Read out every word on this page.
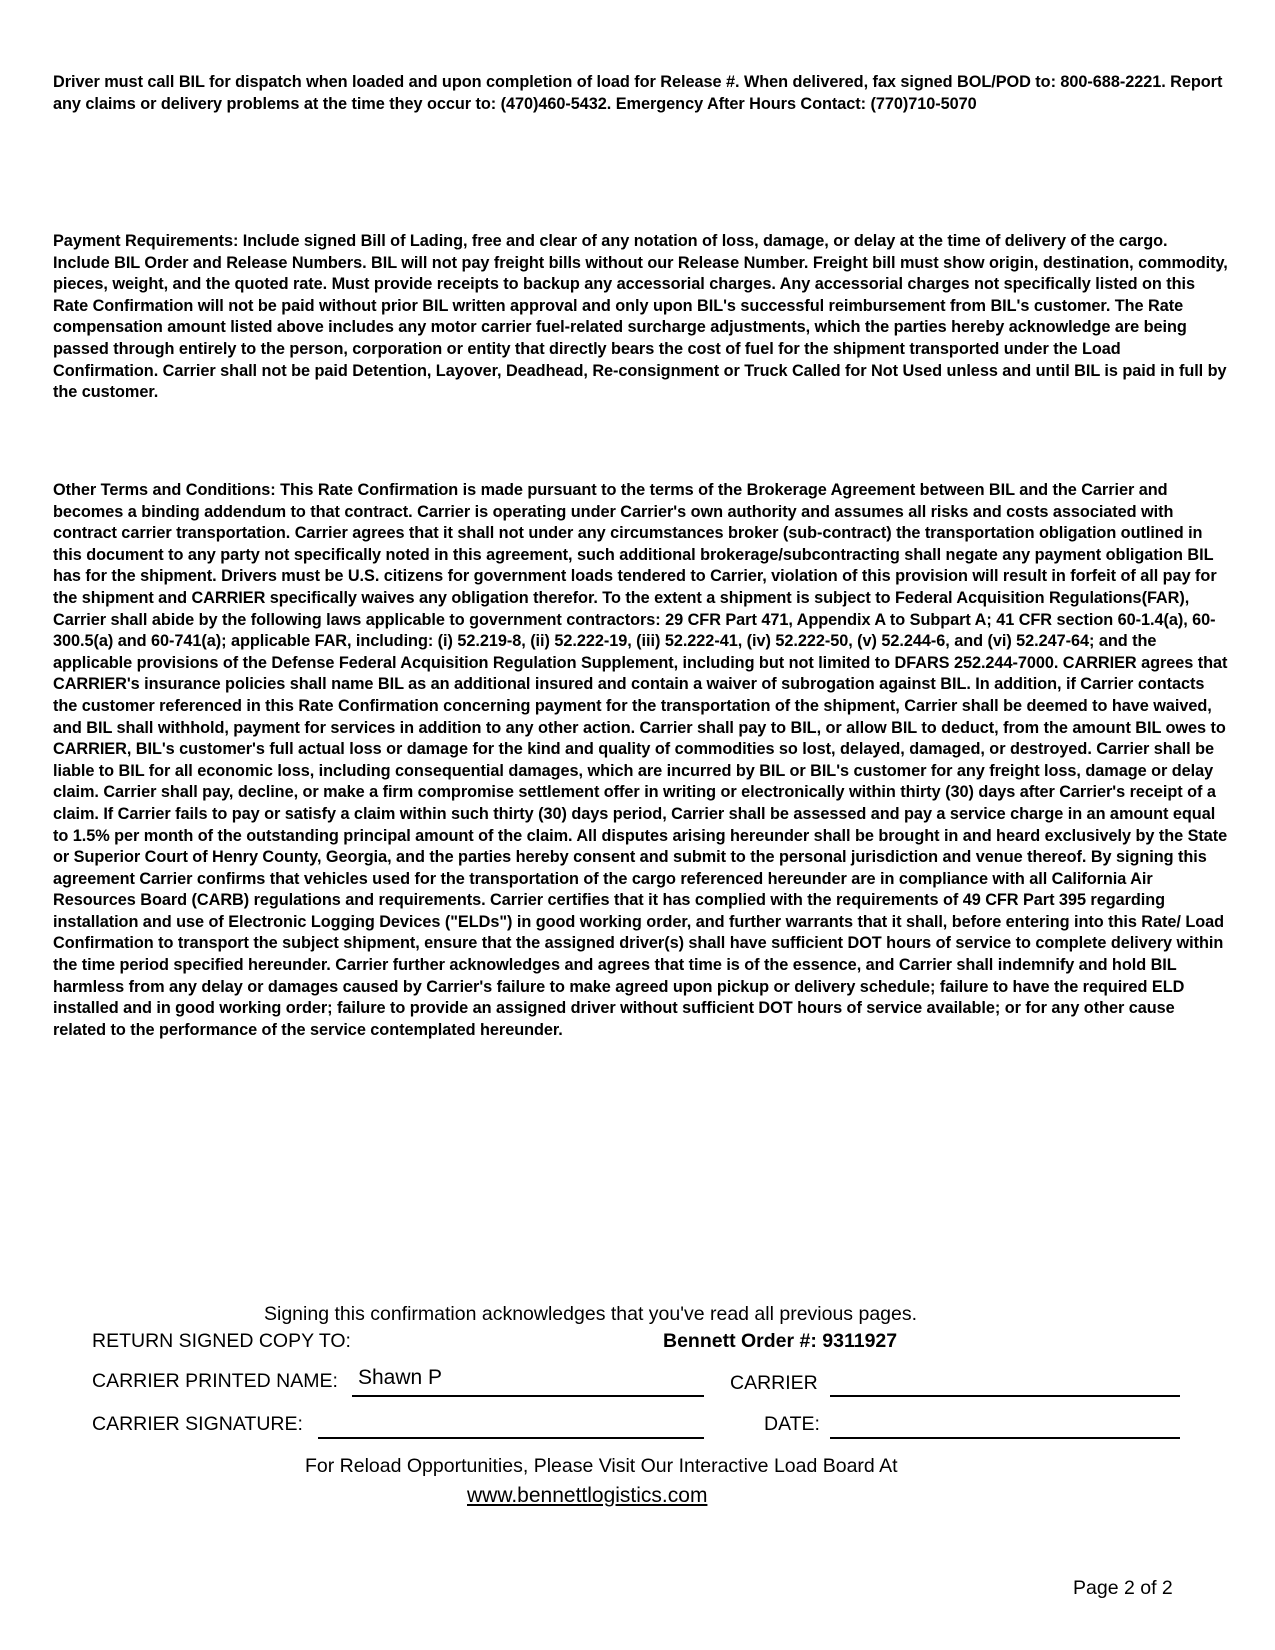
Driver must call BIL for dispatch when loaded and upon completion of load for Release #. When delivered, fax signed BOL/POD to: 800-688-2221. Report any claims or delivery problems at the time they occur to: (470)460-5432. Emergency After Hours Contact: (770)710-5070

Payment Requirements: Include signed Bill of Lading, free and clear of any notation of loss, damage, or delay at the time of delivery of the cargo. Include BIL Order and Release Numbers. BIL will not pay freight bills without our Release Number. Freight bill must show origin, destination, commodity, pieces, weight, and the quoted rate. Must provide receipts to backup any accessorial charges. Any accessorial charges not specifically listed on this Rate Confirmation will not be paid without prior BIL written approval and only upon BIL's successful reimbursement from BIL's customer. The Rate compensation amount listed above includes any motor carrier fuel-related surcharge adjustments, which the parties hereby acknowledge are being passed through entirely to the person, corporation or entity that directly bears the cost of fuel for the shipment transported under the Load Confirmation. Carrier shall not be paid Detention, Layover, Deadhead, Re-consignment or Truck Called for Not Used unless and until BIL is paid in full by the customer.

Other Terms and Conditions: This Rate Confirmation is made pursuant to the terms of the Brokerage Agreement between BIL and the Carrier and becomes a binding addendum to that contract. Carrier is operating under Carrier's own authority and assumes all risks and costs associated with contract carrier transportation. Carrier agrees that it shall not under any circumstances broker (sub-contract) the transportation obligation outlined in this document to any party not specifically noted in this agreement, such additional brokerage/subcontracting shall negate any payment obligation BIL has for the shipment. Drivers must be U.S. citizens for government loads tendered to Carrier, violation of this provision will result in forfeit of all pay for the shipment and CARRIER specifically waives any obligation therefor. To the extent a shipment is subject to Federal Acquisition Regulations(FAR), Carrier shall abide by the following laws applicable to government contractors: 29 CFR Part 471, Appendix A to Subpart A; 41 CFR section 60-1.4(a), 60-300.5(a) and 60-741(a); applicable FAR, including: (i) 52.219-8, (ii) 52.222-19, (iii) 52.222-41, (iv) 52.222-50, (v) 52.244-6, and (vi) 52.247-64; and the applicable provisions of the Defense Federal Acquisition Regulation Supplement, including but not limited to DFARS 252.244-7000. CARRIER agrees that CARRIER's insurance policies shall name BIL as an additional insured and contain a waiver of subrogation against BIL. In addition, if Carrier contacts the customer referenced in this Rate Confirmation concerning payment for the transportation of the shipment, Carrier shall be deemed to have waived, and BIL shall withhold, payment for services in addition to any other action. Carrier shall pay to BIL, or allow BIL to deduct, from the amount BIL owes to CARRIER, BIL's customer's full actual loss or damage for the kind and quality of commodities so lost, delayed, damaged, or destroyed. Carrier shall be liable to BIL for all economic loss, including consequential damages, which are incurred by BIL or BIL's customer for any freight loss, damage or delay claim. Carrier shall pay, decline, or make a firm compromise settlement offer in writing or electronically within thirty (30) days after Carrier's receipt of a claim. If Carrier fails to pay or satisfy a claim within such thirty (30) days period, Carrier shall be assessed and pay a service charge in an amount equal to 1.5% per month of the outstanding principal amount of the claim. All disputes arising hereunder shall be brought in and heard exclusively by the State or Superior Court of Henry County, Georgia, and the parties hereby consent and submit to the personal jurisdiction and venue thereof. By signing this agreement Carrier confirms that vehicles used for the transportation of the cargo referenced hereunder are in compliance with all California Air Resources Board (CARB) regulations and requirements. Carrier certifies that it has complied with the requirements of 49 CFR Part 395 regarding installation and use of Electronic Logging Devices ("ELDs") in good working order, and further warrants that it shall, before entering into this Rate/ Load Confirmation to transport the subject shipment, ensure that the assigned driver(s) shall have sufficient DOT hours of service to complete delivery within the time period specified hereunder. Carrier further acknowledges and agrees that time is of the essence, and Carrier shall indemnify and hold BIL harmless from any delay or damages caused by Carrier's failure to make agreed upon pickup or delivery schedule; failure to have the required ELD installed and in good working order; failure to provide an assigned driver without sufficient DOT hours of service available; or for any other cause related to the performance of the service contemplated hereunder.

Signing this confirmation acknowledges that you've read all previous pages.
RETURN SIGNED COPY TO:	Bennett Order #: 9311927
CARRIER PRINTED NAME: Shawn P	CARRIER
CARRIER SIGNATURE:	DATE:
For Reload Opportunities, Please Visit Our Interactive Load Board At
www.bennettlogistics.com
Page 2 of 2
